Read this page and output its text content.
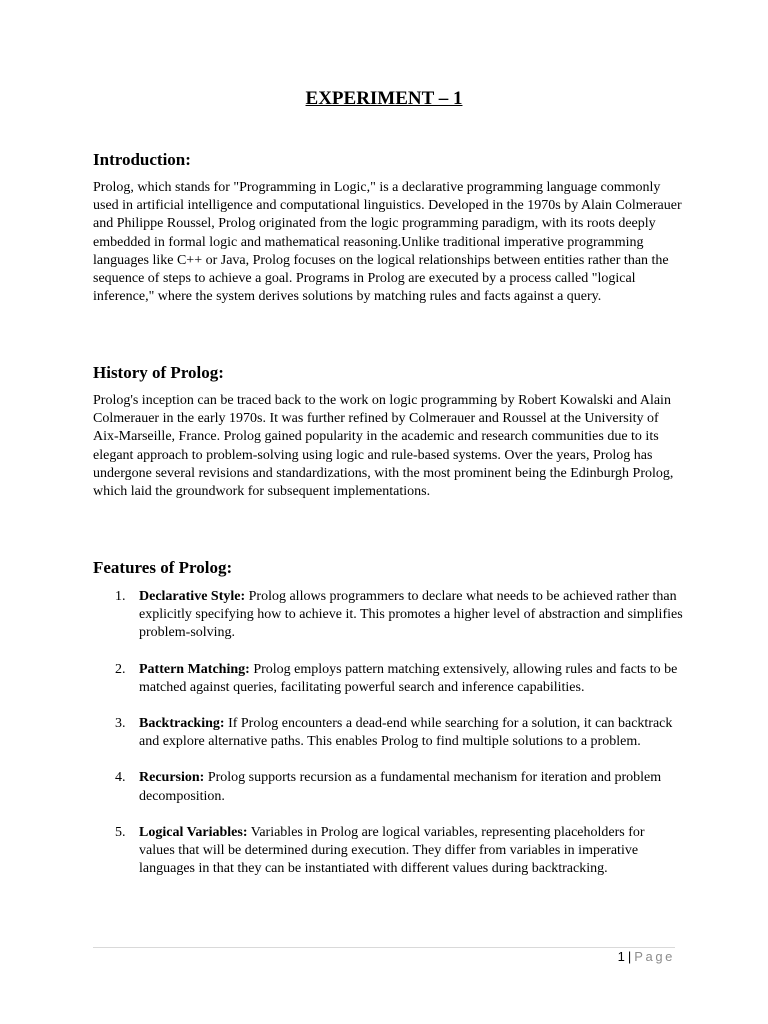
EXPERIMENT – 1
Introduction:
Prolog, which stands for "Programming in Logic," is a declarative programming language commonly used in artificial intelligence and computational linguistics. Developed in the 1970s by Alain Colmerauer and Philippe Roussel, Prolog originated from the logic programming paradigm, with its roots deeply embedded in formal logic and mathematical reasoning.Unlike traditional imperative programming languages like C++ or Java, Prolog focuses on the logical relationships between entities rather than the sequence of steps to achieve a goal. Programs in Prolog are executed by a process called "logical inference," where the system derives solutions by matching rules and facts against a query.
History of Prolog:
Prolog's inception can be traced back to the work on logic programming by Robert Kowalski and Alain Colmerauer in the early 1970s. It was further refined by Colmerauer and Roussel at the University of Aix-Marseille, France. Prolog gained popularity in the academic and research communities due to its elegant approach to problem-solving using logic and rule-based systems. Over the years, Prolog has undergone several revisions and standardizations, with the most prominent being the Edinburgh Prolog, which laid the groundwork for subsequent implementations.
Features of Prolog:
1. Declarative Style: Prolog allows programmers to declare what needs to be achieved rather than explicitly specifying how to achieve it. This promotes a higher level of abstraction and simplifies problem-solving.
2. Pattern Matching: Prolog employs pattern matching extensively, allowing rules and facts to be matched against queries, facilitating powerful search and inference capabilities.
3. Backtracking: If Prolog encounters a dead-end while searching for a solution, it can backtrack and explore alternative paths. This enables Prolog to find multiple solutions to a problem.
4. Recursion: Prolog supports recursion as a fundamental mechanism for iteration and problem decomposition.
5. Logical Variables: Variables in Prolog are logical variables, representing placeholders for values that will be determined during execution. They differ from variables in imperative languages in that they can be instantiated with different values during backtracking.
1 | Page
